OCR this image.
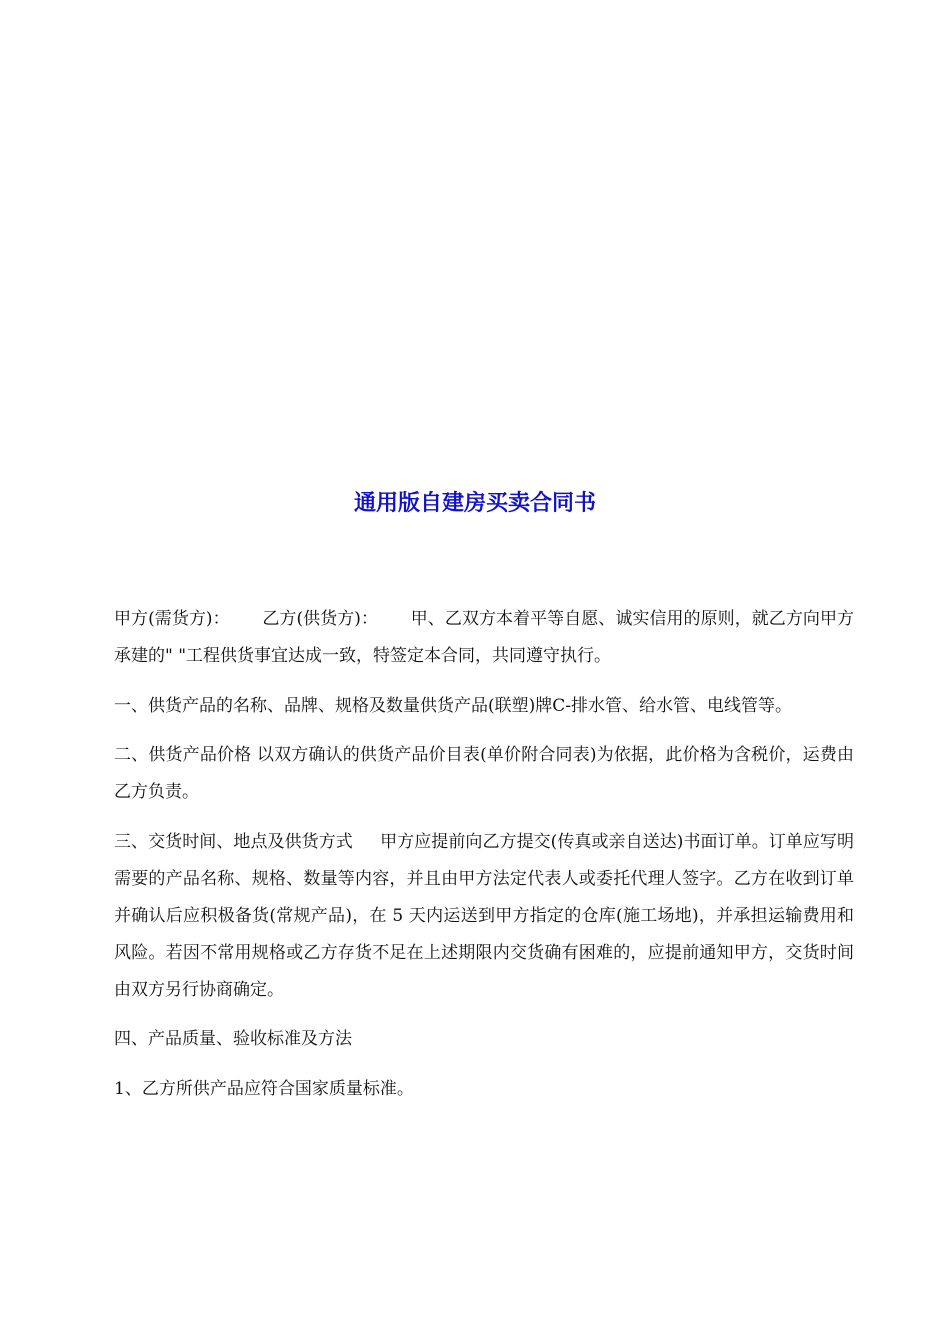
通用版自建房买卖合同书

甲方(需货方)：      乙方(供货方)：      甲、乙双方本着平等自愿、诚实信用的原则，就乙方向甲方承建的" "工程供货事宜达成一致，特签定本合同，共同遵守执行。

一、供货产品的名称、品牌、规格及数量供货产品(联塑)牌C-排水管、给水管、电线管等。

二、供货产品价格 以双方确认的供货产品价目表(单价附合同表)为依据，此价格为含税价，运费由乙方负责。

三、交货时间、地点及供货方式     甲方应提前向乙方提交(传真或亲自送达)书面订单。订单应写明需要的产品名称、规格、数量等内容，并且由甲方法定代表人或委托代理人签字。乙方在收到订单并确认后应积极备货(常规产品)，在 5 天内运送到甲方指定的仓库(施工场地)，并承担运输费用和风险。若因不常用规格或乙方存货不足在上述期限内交货确有困难的，应提前通知甲方，交货时间由双方另行协商确定。

四、产品质量、验收标准及方法

1、乙方所供产品应符合国家质量标准。
